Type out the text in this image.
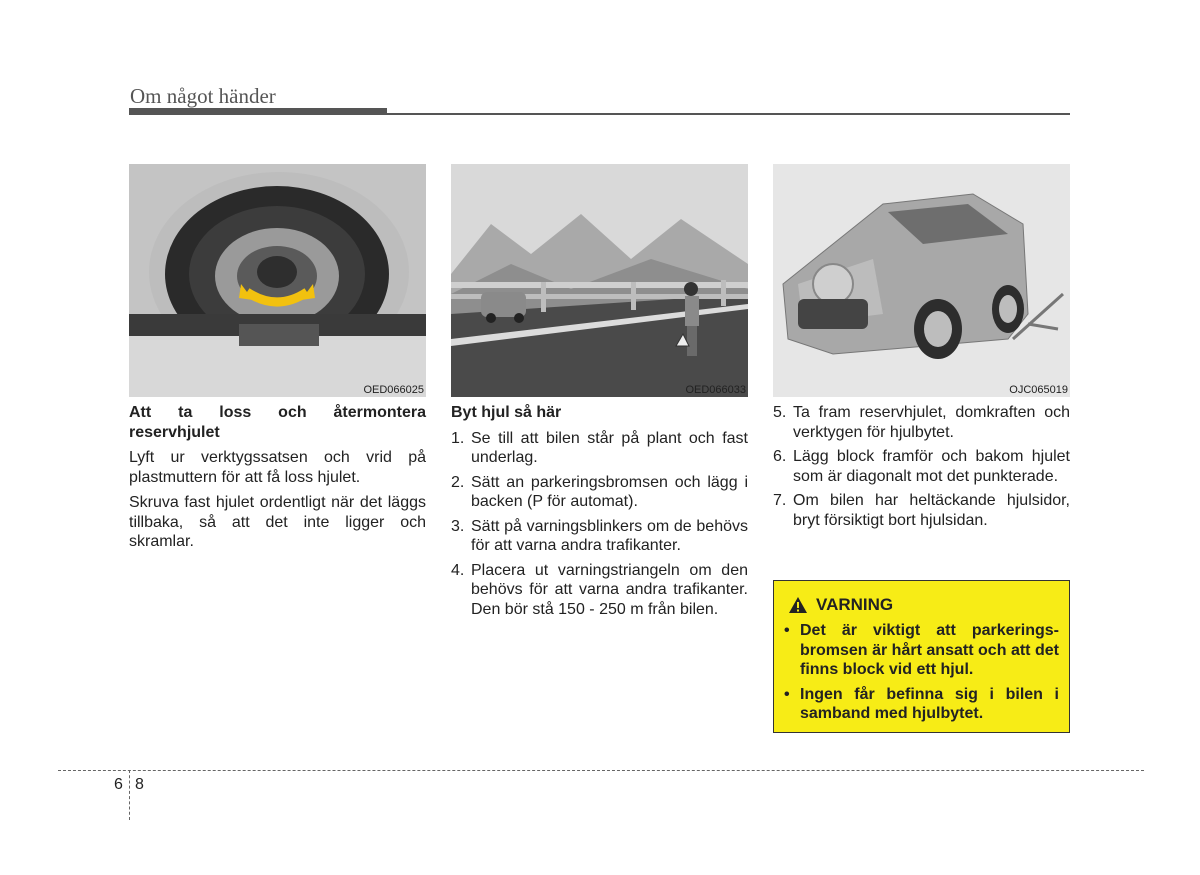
Om något händer
OED066025	OED066033	OJC065019

Att ta loss och återmontera reservhjulet

Lyft ur verktygssatsen och vrid på plastmuttern för att få loss hjulet.

Skruva fast hjulet ordentligt när det läggs tillbaka, så att det inte ligger och skramlar.

Byt hjul så här

1. Se till att bilen står på plant och fast underlag.
2. Sätt an parkeringsbromsen och lägg i backen (P för automat).
3. Sätt på varningsblinkers om de behövs för att varna andra trafikanter.
4. Placera ut varningstriangeln om den behövs för att varna andra trafikanter. Den bör stå 150 - 250 m från bilen.
5. Ta fram reservhjulet, domkraften och verktygen för hjulbytet.
6. Lägg block framför och bakom hjulet som är diagonalt mot det punkterade.
7. Om bilen har heltäckande hjulsidor, bryt försiktigt bort hjulsidan.
VARNING
• Det är viktigt att parkerings-bromsen är hårt ansatt och att det finns block vid ett hjul.
• Ingen får befinna sig i bilen i samband med hjulbytet.
6 8
